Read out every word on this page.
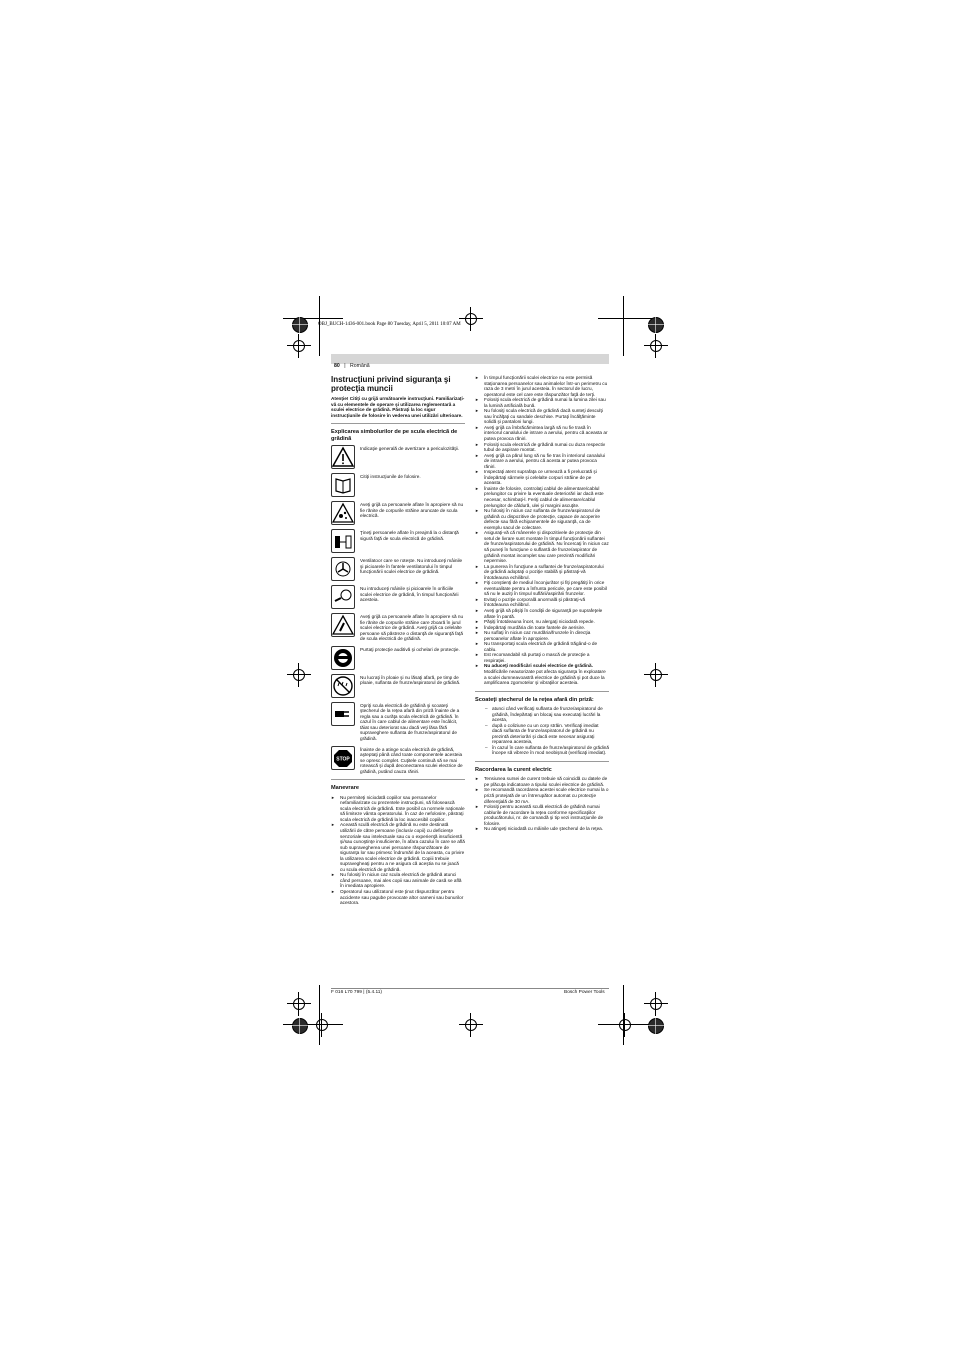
OBJ_BUCH-1436-001.book Page 80 Tuesday, April 5, 2011 10:07 AM
80 | Română
Instrucţiuni privind siguranţa şi protecţia muncii
Atenţie! Citiţi cu grijă următoarele instrucţiuni. Familiarizaţi-vă cu elementele de operare şi utilizarea reglementară a sculei electrice de grădină. Păstraţi la loc sigur instrucţiunile de folosire în vederea unei utilizări ulterioare.
Explicarea simbolurilor de pe scula electrică de grădină
Indicaţie generală de avertizare a periculozităţii.
Citiţi instrucţiunile de folosire.
Aveţi grijă ca persoanele aflate în apropiere să nu fie rănite de corpurile străine aruncate de scula electrică.
Ţineţi persoanele aflate în preajmă la o distanţă sigură faţă de scula electrică de grădină.
Ventilatoor care se roteşte. Nu introduceţi mâinile şi picioarele în fantele ventilatorului în timpul funcţionării sculei electrice de grădină.
Nu introduceţi mâinile şi picioarele în orificiile sculei electrice de grădină, în timpul funcţionării acesteia.
Aveţi grijă ca persoanele aflate în apropiere să nu fie rănite de corpurile străine care zboară în jurul sculei electrice de grădină. Aveţi grijă ca celelalte persoane să păstreze o distanţă de siguranţă faţă de scula electrică de grădină.
Purtaţi protecţie auditivă şi ochelari de protecţie.
Nu lucraţi în ploaie şi nu lăsaţi afară, pe timp de ploaie, suflanta de frunze/aspiratorul de grădină.
Opriţi scula electrică de grădină şi scoateţi ştecherul de la reţea afară din priză înainte de a regla sau a curăţa scula electrică de grădină. În cazul în care cablul de alimentare este încâlcit, tăiat sau deteriorat sau dacă veţi lăsa fără supraveghere suflanta de frunze/aspiratorul de grădină.
STOP
Înainte de a atinge scula electrică de grădină, aşteptaţi până când toate componentele acesteia se opresc complet. Cuţitele continuă să se mai rotească şi după deconectarea sculei electrice de grădină, putând cauza răniri.
Manevrare
► Nu permiteţi niciodată copiilor sau persoanelor nefamiliarizate cu prezentele instrucţiuni, să folosească scula electrică de grădină. Este posibil ca normele naţionale să limiteze vârsta operatorului. În caz de nefolosire, păstraţi scula electrică de grădină la loc inaccesibil copiilor.
► Această sculă electrică de grădină nu este destinată utilizării de către persoane (inclusiv copii) cu deficienţe senzoriale sau intelectuale sau cu o experienţă insuficientă şi/sau cunoştinţe insuficiente, în afara cazului în care se află sub supravegherea unei persoane răspunzătoare de siguranţa lor sau primesc îndrumări de la aceasta, cu privire la utilizarea sculei electrice de grădină. Copiii trebuie supravegheaţi pentru a ne asigura că aceştia nu se joacă cu scula electrică de grădină.
► Nu folosiţi în niciun caz scula electrică de grădină atunci când persoane, mai ales copii sau animale de casă se află în imediata apropiere.
► Operatorul sau utilizatorul este ţinut răspunzător pentru accidente sau pagube provocate altor oameni sau bunurilor acestora.
► În timpul funcţionării sculei electrice nu este permisă staţionarea persoanelor sau animalelor într-un perimetru cu raza de 3 metri în jurul acesteia. În sectorul de lucru, operatorul este cel care este răspunzător faţă de terţi.
► Folosiţi scula electrică de grădină numai la lumina zilei sau la lumină artificială bună.
► Nu folosiţi scula electrică de grădină dacă sunteţi desculţi sau încălţaţi cu sandale deschise. Purtaţi încălţăminte solidă şi pantaloni lungi.
► Aveţi grijă ca îmbrăcămintea largă să nu fie trasă în interiorul canalului de intrare a aerului, pentru că aceasta ar putea provoca răniri.
► Folosiţi scula electrică de grădină numai cu duza respectiv tubul de aspirare montat.
► Aveţi grijă ca părul lung să nu fie tras în interiorul canalului de intrare a aerului, pentru că acesta ar putea provoca răniri.
► Inspectaţi atent suprafaţa ce urmează a fi prelucrată şi îndepărtaţi sârmele şi celelalte corpuri străine de pe aceasta.
► Înainte de folosire, controlaţi cablul de alimentare/cablul prelungitor cu privire la eventuale deteriorări iar dacă este necesar, schimbaţi-l. Feriţi cablul de alimentare/cablul prelungitor de căldură, ulei şi margini ascuţite.
► Nu folosiţi în niciun caz suflanta de frunze/aspiratorul de grădină cu dispozitive de protecţie, capace de acoperire defecte sau fără echipamentele de siguranţă, ca de exemplu sacul de colectare.
► Asiguraţi-vă că mânerele şi dispozitivele de protecţie din setul de livrare sunt montate în timpul funcţionării suflantei de frunze/aspiratorului de grădină. Nu încercaţi în niciun caz să puneţi în funcţiune o suflantă de frunze/aspirator de grădină montat incomplet sau care prezintă modificări nepermise.
► La punerea în funcţiune a suflantei de frunze/aspiratorului de grădină adoptaţi o poziţie stabilă şi păstraţi-vă întotdeauna echilibrul.
► Fiţi conştienţi de mediul înconjurător şi fiţi pregătiţi în orice eventualitate pentru a înfrunta pericole, pe care este posibil să nu le auziţi în timpul suflării/aspirării frunzelor.
► Evitaţi o poziţie corporală anormală şi păstraţi-vă întotdeauna echilibrul.
► Aveţi grijă să păşiţi în condiţii de siguranţă pe suprafeţele aflate în pantă.
► Păşiţi întotdeauna încet, nu alergaţi niciodată repede.
► Îndepărtaţi murdăria din toate fantele de aerisire.
► Nu suflaţi în niciun caz murdăria/frunzele în direcţia persoanelor aflate în apropiere.
► Nu transportaţi scula electrică de grădină trăgând-o de cablu.
► Est recomandabil să purtaţi o mască de protecţie a respiraţiei.
► Nu aduceţi modificări sculei electrice de grădină. Modificările neautorizate pot afecta siguranţa în exploatare a sculei dumneavoastră electrice de grădină şi pot duce la amplificarea zgomotelor şi vibraţiilor acesteia.
Scoateţi ştecherul de la reţea afară din priză:
– atunci când verificaţi suflanta de frunze/aspiratorul de grădină, îndepărtaţi un blocaj sau executaţi lucrări la acesta,
– după o coliziune cu un corp străin. Verificaţi imediat dacă suflanta de frunze/aspiratorul de grădină nu prezintă deteriorări şi dacă este necesar asiguraţi repararea acesteia,
– în cazul în care suflanta de frunze/aspiratorul de grădină începe să vibreze în mod neobişnuit (verificaţi imediat).
Racordarea la curent electric
► Tensiunea sursei de curent trebuie să coincidă cu datele de pe plăcuţa indicatoare a tipului sculei electrice de grădină.
► Se recomandă racordarea acestei scule electrice numai la o priză protejată de un întrerupător automat cu protecţie diferenţială de 30 mA.
► Folosiţi pentru această sculă electrică de grădină numai cablurile de racordare la reţea conforme specificaţiilor producătorului, nr. de comandă şi tip vezi instrucţiunile de folosire.
► Nu atingeţi niciodată cu mâinile ude ştecherul de la reţea.
F 016 L70 799 | (5.4.11)	Bosch Power Tools
